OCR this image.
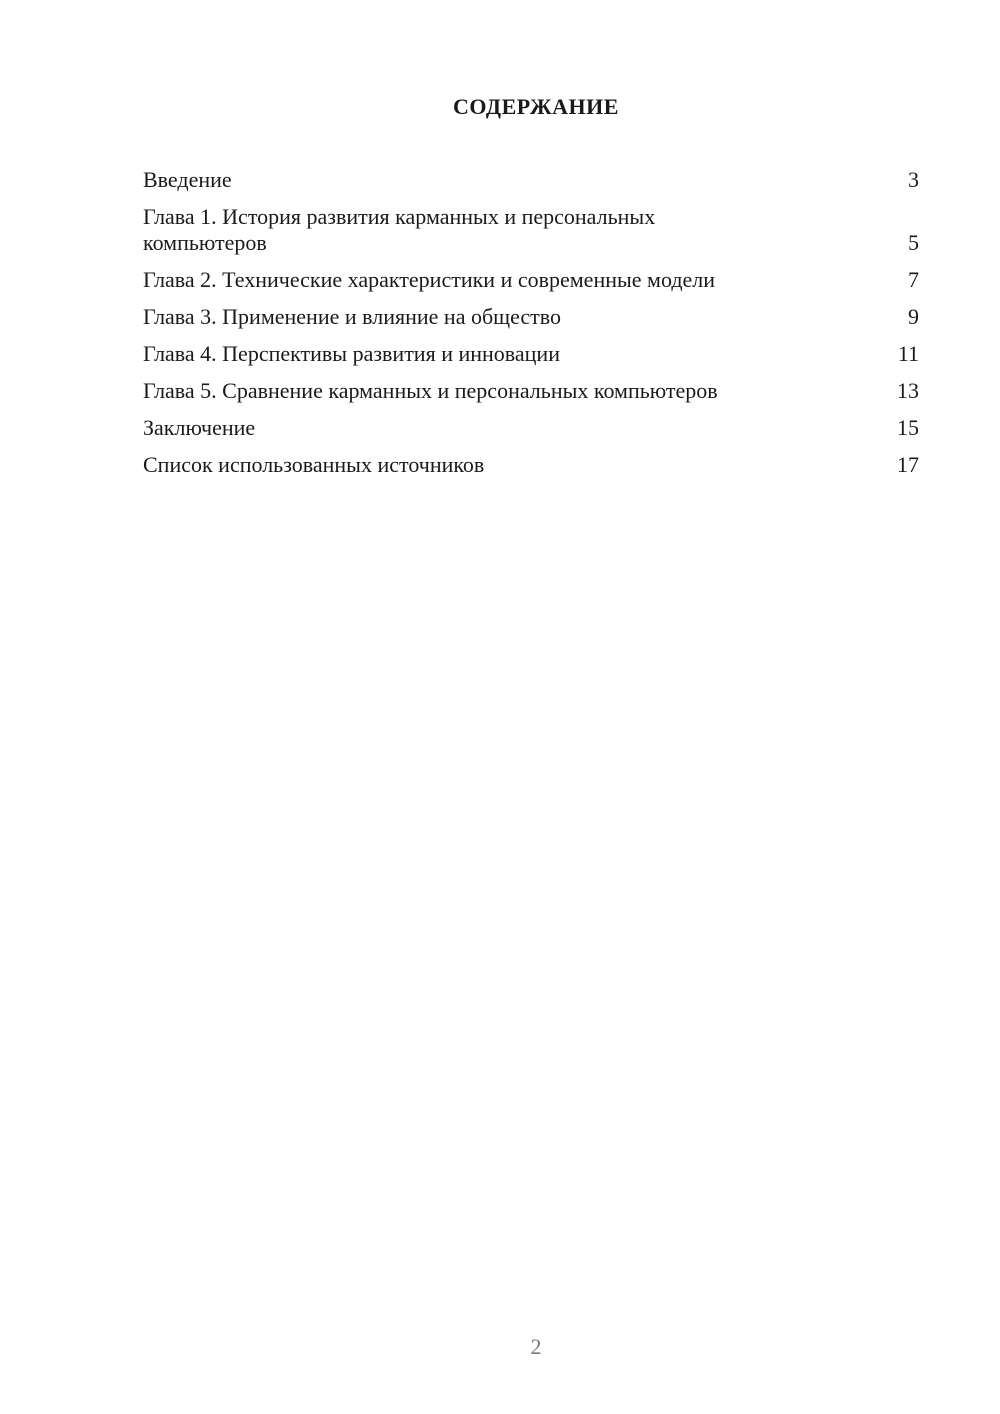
СОДЕРЖАНИЕ
Введение	3
Глава 1. История развития карманных и персональных компьютеров	5
Глава 2. Технические характеристики и современные модели	7
Глава 3. Применение и влияние на общество	9
Глава 4. Перспективы развития и инновации	11
Глава 5. Сравнение карманных и персональных компьютеров	13
Заключение	15
Список использованных источников	17
2
